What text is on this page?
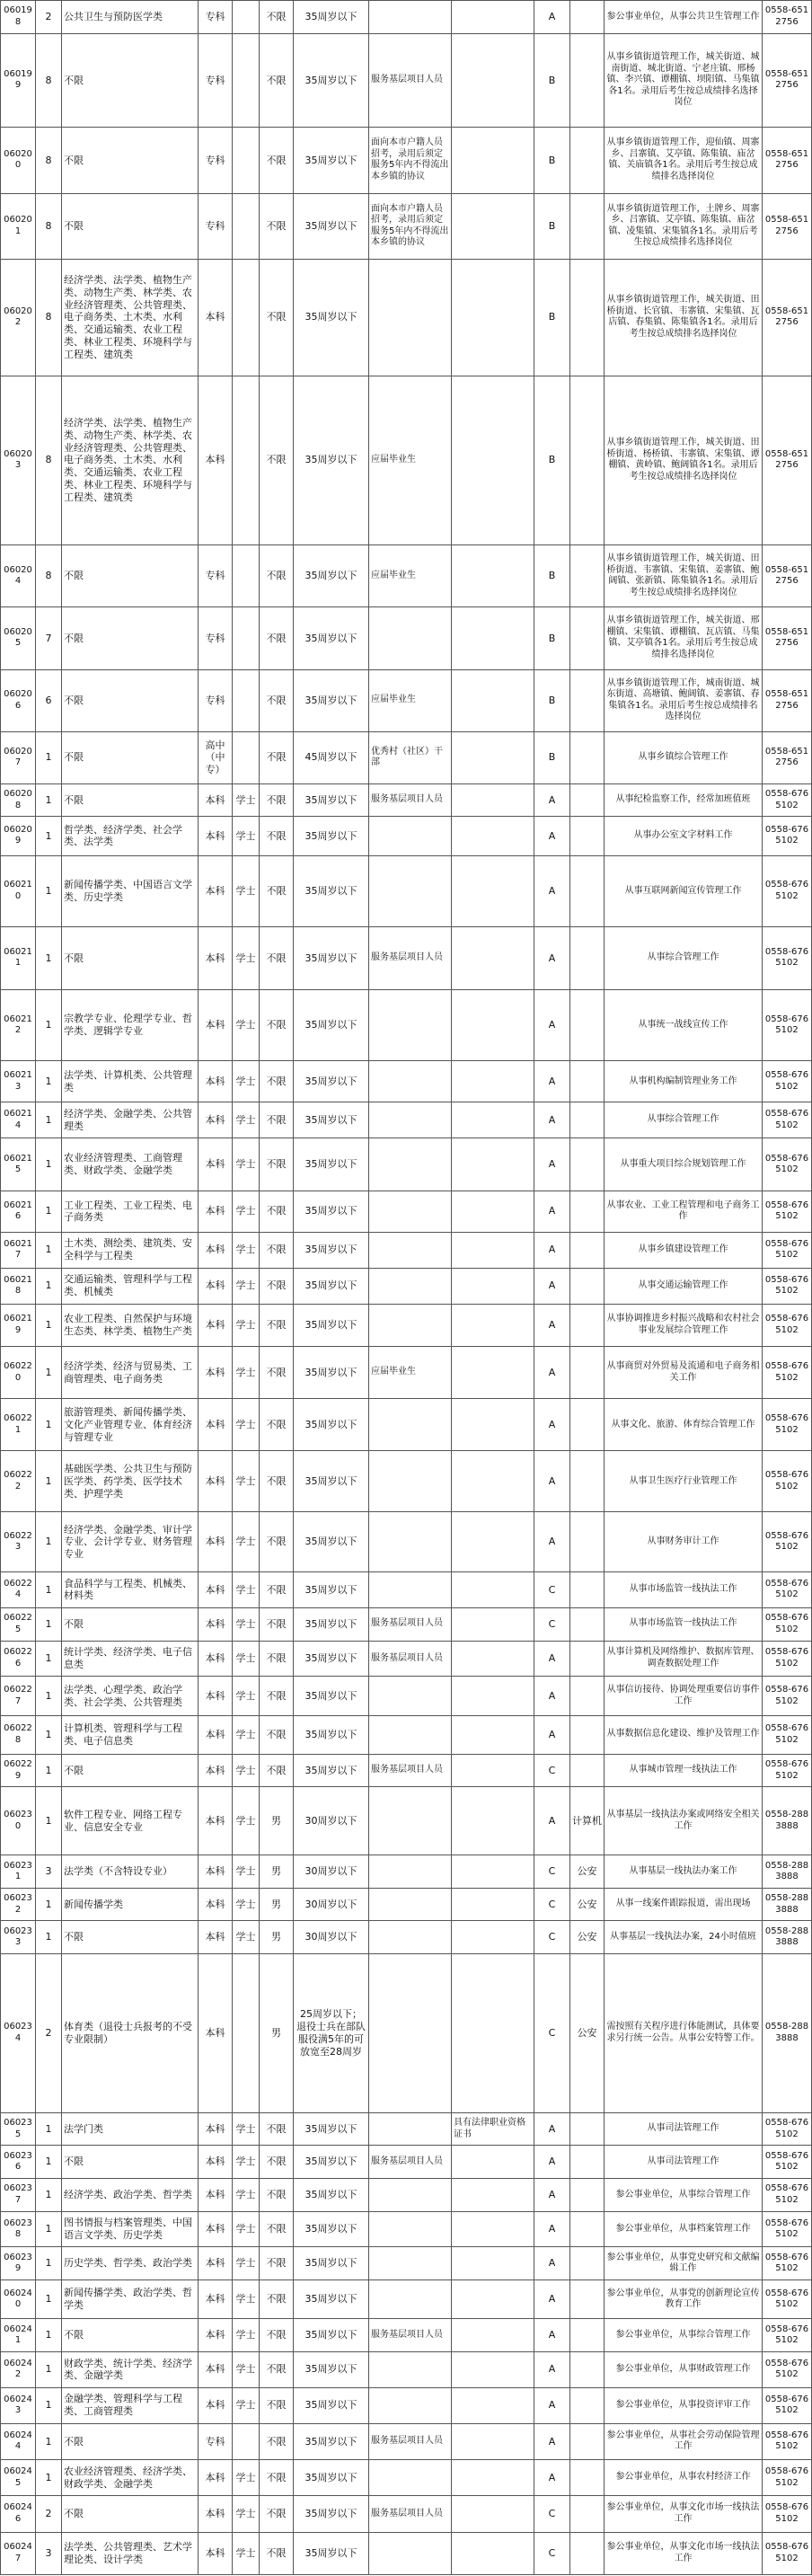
060198	2	公共卫生与预防医学类	专科		不限	35周岁以下			A		参公事业单位，从事公共卫生管理工作	0558-6512756
060199	8	不限	专科		不限	35周岁以下	服务基层项目人员		B		从事乡镇街道管理工作，城关街道、城南街道、城北街道、宁老庄镇、邢杨镇、李兴镇、谭棚镇、坝阳镇、马集镇各1名。录用后考生按总成绩排名选择岗位	0558-6512756
060200	8	不限	专科		不限	35周岁以下	面向本市户籍人员招考，录用后须定服务5年内不得流出本乡镇的协议		B		从事乡镇街道管理工作，迎仙镇、周寨乡、吕寨镇、艾亭镇、陈集镇、庙岔镇、关庙镇各1名。录用后考生按总成绩排名选择岗位	0558-6512756
060201	8	不限	专科		不限	35周岁以下	面向本市户籍人员招考，录用后须定服务5年内不得流出本乡镇的协议		B		从事乡镇街道管理工作，土牌乡、周寨乡、吕寨镇、艾亭镇、陈集镇、庙岔镇、凌集镇、宋集镇各1名。录用后考生按总成绩排名选择岗位	0558-6512756
060202	8	经济学类、法学类、植物生产类、动物生产类、林学类、农业经济管理类、公共管理类、电子商务类、土木类、水利类、交通运输类、农业工程类、林业工程类、环境科学与工程类、建筑类	本科		不限	35周岁以下			B		从事乡镇街道管理工作，城关街道、田桥街道、长官镇、韦寨镇、宋集镇、瓦店镇、春集镇、陈集镇各1名。录用后考生按总成绩排名选择岗位	0558-6512756
060203	8	经济学类、法学类、植物生产类、动物生产类、林学类、农业经济管理类、公共管理类、电子商务类、土木类、水利类、交通运输类、农业工程类、林业工程类、环境科学与工程类、建筑类	本科		不限	35周岁以下	应届毕业生		B		从事乡镇街道管理工作，城关街道、田桥街道、杨桥镇、韦寨镇、宋集镇、谭棚镇、黄岭镇、鲍阔镇各1名。录用后考生按总成绩排名选择岗位	0558-6512756
060204	8	不限	专科		不限	35周岁以下	应届毕业生		B		从事乡镇街道管理工作，城关街道、田桥街道、韦寨镇、宋集镇、姜寨镇、鲍阔镇、张新镇、陈集镇各1名。录用后考生按总成绩排名选择岗位	0558-6512756
060205	7	不限	专科		不限	35周岁以下			B		从事乡镇街道管理工作，城关街道、邢棚镇、宋集镇、谭棚镇、瓦店镇、马集镇、艾亭镇各1名。录用后考生按总成绩排名选择岗位	0558-6512756
060206	6	不限	专科		不限	35周岁以下	应届毕业生		B		从事乡镇街道管理工作，城南街道、城东街道、高塘镇、鲍阔镇、姜寨镇、春集镇各1名。录用后考生按总成绩排名选择岗位	0558-6512756
060207	1	不限	高中（中专）		不限	45周岁以下	优秀村（社区）干部		B		从事乡镇综合管理工作	0558-6512756
060208	1	不限	本科	学士	不限	35周岁以下	服务基层项目人员		A		从事纪检监察工作，经常加班值班	0558-6765102
060209	1	哲学类、经济学类、社会学类、法学类	本科	学士	不限	35周岁以下			A		从事办公室文字材料工作	0558-6765102
060210	1	新闻传播学类、中国语言文学类、历史学类	本科	学士	不限	35周岁以下			A		从事互联网新闻宣传管理工作	0558-6765102
060211	1	不限	本科	学士	不限	35周岁以下	服务基层项目人员		A		从事综合管理工作	0558-6765102
060212	1	宗教学专业、伦理学专业、哲学类、逻辑学专业	本科	学士	不限	35周岁以下			A		从事统一战线宣传工作	0558-6765102
060213	1	法学类、计算机类、公共管理类	本科	学士	不限	35周岁以下			A		从事机构编制管理业务工作	0558-6765102
060214	1	经济学类、金融学类、公共管理类	本科	学士	不限	35周岁以下			A		从事综合管理工作	0558-6765102
060215	1	农业经济管理类、工商管理类、财政学类、金融学类	本科	学士	不限	35周岁以下			A		从事重大项目综合规划管理工作	0558-6765102
060216	1	工业工程类、工业工程类、电子商务类	本科	学士	不限	35周岁以下			A		从事农业、工业工程管理和电子商务工作	0558-6765102
060217	1	土木类、测绘类、建筑类、安全科学与工程类	本科	学士	不限	35周岁以下			A		从事乡镇建设管理工作	0558-6765102
060218	1	交通运输类、管理科学与工程类、机械类	本科	学士	不限	35周岁以下			A		从事交通运输管理工作	0558-6765102
060219	1	农业工程类、自然保护与环境生态类、林学类、植物生产类	本科	学士	不限	35周岁以下			A		从事协调推进乡村振兴战略和农村社会事业发展综合管理工作	0558-6765102
060220	1	经济学类、经济与贸易类、工商管理类、电子商务类	本科	学士	不限	35周岁以下	应届毕业生		A		从事商贸对外贸易及流通和电子商务相关工作	0558-6765102
060221	1	旅游管理类、新闻传播学类、文化产业管理专业、体育经济与管理专业	本科	学士	不限	35周岁以下			A		从事文化、旅游、体育综合管理工作	0558-6765102
060222	1	基础医学类、公共卫生与预防医学类、药学类、医学技术类、护理学类	本科	学士	不限	35周岁以下			A		从事卫生医疗行业管理工作	0558-6765102
060223	1	经济学类、金融学类、审计学专业、会计学专业、财务管理专业	本科	学士	不限	35周岁以下			A		从事财务审计工作	0558-6765102
060224	1	食品科学与工程类、机械类、材料类	本科	学士	不限	35周岁以下			C		从事市场监管一线执法工作	0558-6765102
060225	1	不限	本科	学士	不限	35周岁以下	服务基层项目人员		C		从事市场监管一线执法工作	0558-6765102
060226	1	统计学类、经济学类、电子信息类	本科	学士	不限	35周岁以下	服务基层项目人员		A		从事计算机及网络维护、数据库管理、调查数据处理工作	0558-6765102
060227	1	法学类、心理学类、政治学类、社会学类、公共管理类	本科	学士	不限	35周岁以下			A		从事信访接待、协调处理重要信访事件工作	0558-6765102
060228	1	计算机类、管理科学与工程类、电子信息类	本科	学士	不限	35周岁以下			A		从事数据信息化建设、维护及管理工作	0558-6765102
060229	1	不限	本科	学士	不限	35周岁以下	服务基层项目人员		C		从事城市管理一线执法工作	0558-6765102
060230	1	软件工程专业、网络工程专业、信息安全专业	本科	学士	男	30周岁以下			A	计算机	从事基层一线执法办案或网络安全相关工作	0558-2883888
060231	3	法学类（不含特设专业）	本科	学士	男	30周岁以下			C	公安	从事基层一线执法办案工作	0558-2883888
060232	1	新闻传播学类	本科	学士	男	30周岁以下			C	公安	从事一线案件跟踪报道，需出现场	0558-2883888
060233	1	不限	本科	学士	男	30周岁以下			C	公安	从事基层一线执法办案，24小时值班	0558-2883888
060234	2	体育类（退役士兵报考的不受专业限制）	本科		男	25周岁以下；退役士兵在部队服役满5年的可放宽至28周岁			C	公安	需按照有关程序进行体能测试，具体要求另行统一公告。从事公安特警工作。	0558-2883888
060235	1	法学门类	本科	学士	不限	35周岁以下		具有法律职业资格证书	A		从事司法管理工作	0558-6765102
060236	1	不限	本科	学士	不限	35周岁以下	服务基层项目人员		A		从事司法管理工作	0558-6765102
060237	1	经济学类、政治学类、哲学类	本科	学士	不限	35周岁以下			A		参公事业单位，从事综合管理工作	0558-6765102
060238	1	图书情报与档案管理类、中国语言文学类、历史学类	本科	学士	不限	35周岁以下			A		参公事业单位，从事档案管理工作	0558-6765102
060239	1	历史学类、哲学类、政治学类	本科	学士	不限	35周岁以下			A		参公事业单位，从事党史研究和文献编辑工作	0558-6765102
060240	1	新闻传播学类、政治学类、哲学类	本科	学士	不限	35周岁以下			A		参公事业单位，从事党的创新理论宣传教育工作	0558-6765102
060241	1	不限	本科	学士	不限	35周岁以下	服务基层项目人员		A		参公事业单位，从事综合管理工作	0558-6765102
060242	1	财政学类、统计学类、经济学类、金融学类	本科	学士	不限	35周岁以下			A		参公事业单位，从事财政管理工作	0558-6765102
060243	1	金融学类、管理科学与工程类、工商管理类	本科	学士	不限	35周岁以下			A		参公事业单位，从事投资评审工作	0558-6765102
060244	1	不限	专科		不限	35周岁以下	服务基层项目人员		A		参公事业单位，从事社会劳动保险管理工作	0558-6765102
060245	1	农业经济管理类、经济学类、财政学类、金融学类	本科	学士	不限	35周岁以下			A		参公事业单位，从事农村经济工作	0558-6765102
060246	2	不限	本科	学士	不限	35周岁以下	服务基层项目人员		C		参公事业单位，从事文化市场一线执法工作	0558-6765102
060247	3	法学类、公共管理类、艺术学理论类、设计学类	本科	学士	不限	35周岁以下			C		参公事业单位，从事文化市场一线执法工作	0558-6765102
